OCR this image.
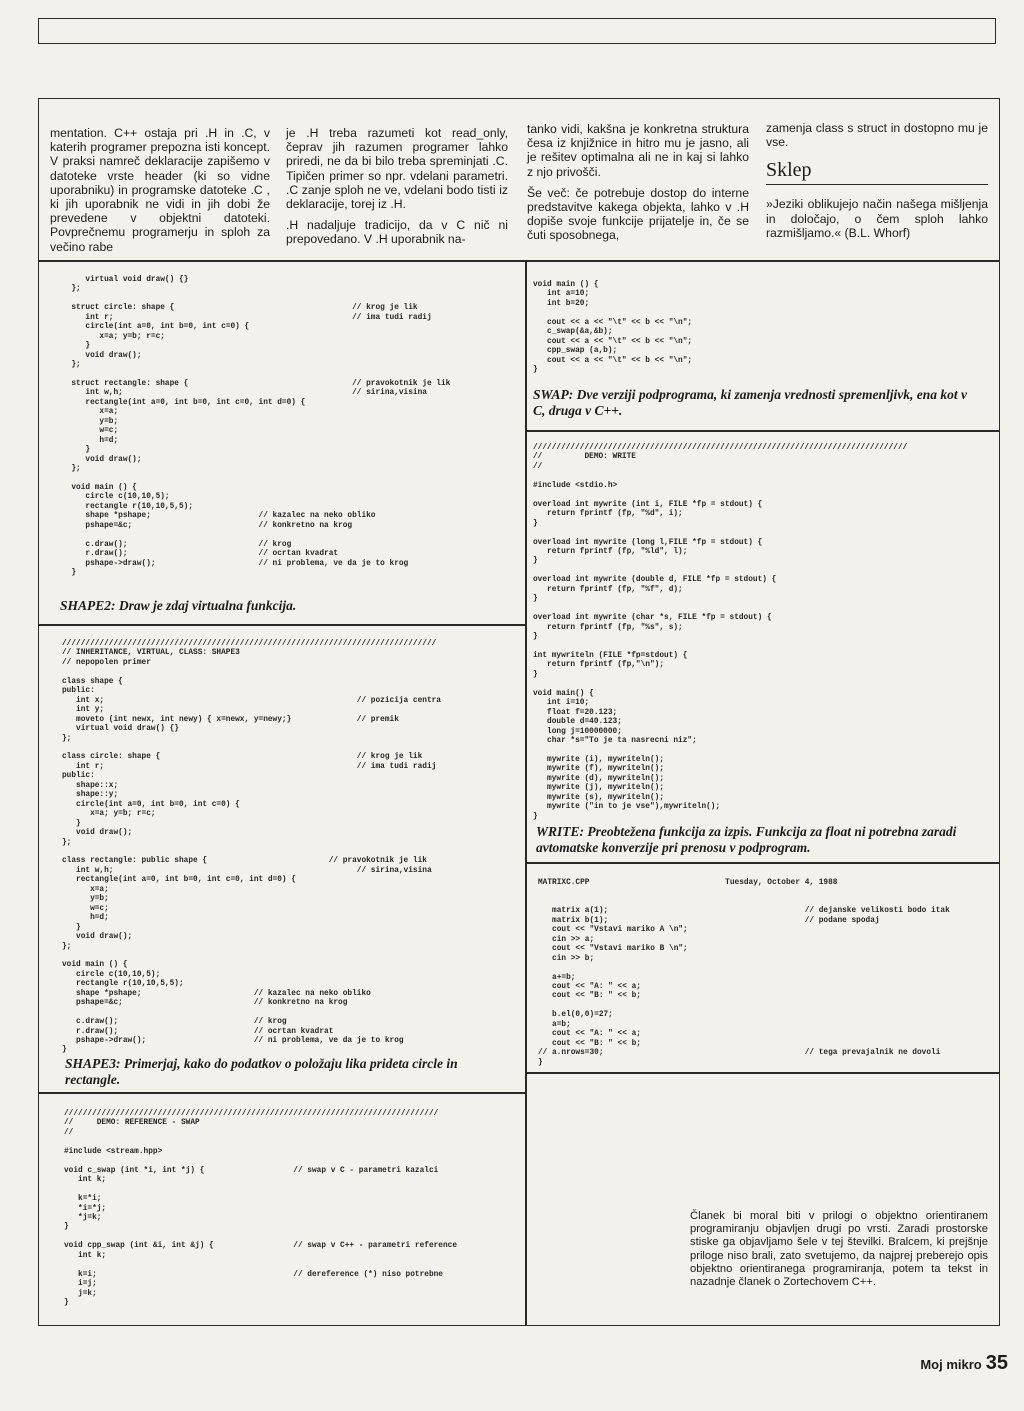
mentation. C++ ostaja pri .H in .C, v katerih programer prepozna isti koncept. V praksi namreč deklaracije zapišemo v datoteke vrste header (ki so vidne uporabniku) in programske datoteke .C , ki jih uporabnik ne vidi in jih dobi že prevedene v objektni datoteki. Povprečnemu programerju in sploh za večino rabe

je .H treba razumeti kot read_only, čeprav jih razumen programer lahko priredi, ne da bi bilo treba spreminjati .C. Tipičen primer so npr. vdelani parametri. .C zanje sploh ne ve, vdelani bodo tisti iz deklaracije, torej iz .H.

.H nadaljuje tradicijo, da v C nič ni prepovedano. V .H uporabnik na-

tanko vidi, kakšna je konkretna struktura česa iz knjižnice in hitro mu je jasno, ali je rešitev optimalna ali ne in kaj si lahko z njo privošči.

Še več: če potrebuje dostop do interne predstavitve kakega objekta, lahko v .H dopiše svoje funkcije prijatelje in, če se čuti sposobnega,

zamenja class s struct in dostopno mu je vse.

Sklep

»Jeziki oblikujejo način našega mišljenja in določajo, o čem sploh lahko razmišljamo.« (B.L. Whorf)

virtual void draw() {}
};

struct circle: shape {                                      // krog je lik
int r;                                                   // ima tudi radij
circle(int a=0, int b=0, int c=0) {
x=a; y=b; r=c;
}
void draw();
};

struct rectangle: shape {                                   // pravokotnik je lik
int w,h;                                                 // sirina,visina
rectangle(int a=0, int b=0, int c=0, int d=0) {
x=a;
y=b;
w=c;
h=d;
}
void draw();
};

void main () {
circle c(10,10,5);
rectangle r(10,10,5,5);
shape *pshape;                       // kazalec na neko obliko
pshape=&c;                           // konkretno na krog

c.draw();                            // krog
r.draw();                            // ocrtan kvadrat
pshape->draw();                      // ni problema, ve da je to krog
}
SHAPE2: Draw je zdaj virtualna funkcija.
////////////////////////////////////////////////////////////////////////////////
// INHERITANCE, VIRTUAL, CLASS: SHAPE3
// nepopolen primer

class shape {
public:
int x;                                                      // pozicija centra
int y;
moveto (int newx, int newy) { x=newx, y=newy;}              // premik
virtual void draw() {}
};

class circle: shape {                                          // krog je lik
int r;                                                      // ima tudi radij
public:
shape::x;
shape::y;
circle(int a=0, int b=0, int c=0) {
x=a; y=b; r=c;
}
void draw();
};

class rectangle: public shape {                          // pravokotnik je lik
int w,h;                                                    // sirina,visina
rectangle(int a=0, int b=0, int c=0, int d=0) {
x=a;
y=b;
w=c;
h=d;
}
void draw();
};

void main () {
circle c(10,10,5);
rectangle r(10,10,5,5);
shape *pshape;                        // kazalec na neko obliko
pshape=&c;                            // konkretno na krog

c.draw();                             // krog
r.draw();                             // ocrtan kvadrat
pshape->draw();                       // ni problema, ve da je to krog
}
SHAPE3: Primerjaj, kako do podatkov o položaju lika prideta circle in rectangle.
////////////////////////////////////////////////////////////////////////////////
//     DEMO: REFERENCE - SWAP
//

#include <stream.hpp>

void c_swap (int *i, int *j) {                   // swap v C - parametri kazalci
int k;

k=*i;
*i=*j;
*j=k;
}

void cpp_swap (int &i, int &j) {                 // swap v C++ - parametri reference
int k;

k=i;                                          // dereference (*) niso potrebne
i=j;
j=k;
}
void main () {
int a=10;
int b=20;

cout << a << "\t" << b << "\n";
c_swap(&a,&b);
cout << a << "\t" << b << "\n";
cpp_swap (a,b);
cout << a << "\t" << b << "\n";
}
SWAP: Dve verziji podprograma, ki zamenja vrednosti spremenljivk, ena kot v C, druga v C++.
////////////////////////////////////////////////////////////////////////////////
//         DEMO: WRITE
//

#include <stdio.h>

overload int mywrite (int i, FILE *fp = stdout) {
return fprintf (fp, "%d", i);
}

overload int mywrite (long l,FILE *fp = stdout) {
return fprintf (fp, "%ld", l);
}

overload int mywrite (double d, FILE *fp = stdout) {
return fprintf (fp, "%f", d);
}

overload int mywrite (char *s, FILE *fp = stdout) {
return fprintf (fp, "%s", s);
}

int mywriteln (FILE *fp=stdout) {
return fprintf (fp,"\n");
}

void main() {
int i=10;
float f=20.123;
double d=40.123;
long j=10000000;
char *s="To je ta nasrecni niz";

mywrite (i), mywriteln();
mywrite (f), mywriteln();
mywrite (d), mywriteln();
mywrite (j), mywriteln();
mywrite (s), mywriteln();
mywrite ("in to je vse"),mywriteln();
}
WRITE: Preobtežena funkcija za izpis. Funkcija za float ni potrebna zaradi avtomatske konverzije pri prenosu v podprogram.
MATRIXC.CPP                             Tuesday, October 4, 1988

matrix a(1);                                          // dejanske velikosti bodo itak
matrix b(1);                                          // podane spodaj
cout << "Vstavi mariko A \n";
cin >> a;
cout << "Vstavi mariko B \n";
cin >> b;

a+=b;
cout << "A: " << a;
cout << "B: " << b;

b.el(0,0)=27;
a=b;
cout << "A: " << a;
cout << "B: " << b;
// a.nrows=30;                                           // tega prevajalnik ne dovoli
}
Članek bi moral biti v prilogi o objektno orientiranem programiranju objavljen drugi po vrsti. Zaradi prostorske stiske ga objavljamo šele v tej številki. Bralcem, ki prejšnje priloge niso brali, zato svetujemo, da najprej preberejo opis objektno orientiranega programiranja, potem ta tekst in nazadnje članek o Zortechovem C++.
Moj mikro 35
